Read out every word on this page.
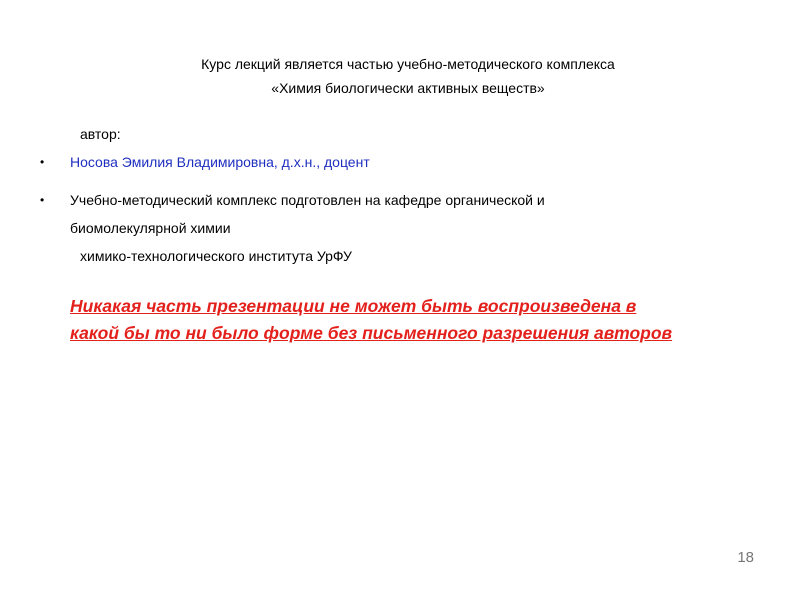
Курс лекций является частью учебно-методического комплекса
«Химия биологически активных веществ»
автор:
• Носова Эмилия Владимировна, д.х.н., доцент
• Учебно-методический комплекс подготовлен на кафедре органической и
биомолекулярной химии
химико-технологического института УрФУ
Никакая часть презентации не может быть воспроизведена в
какой бы то ни было форме без письменного разрешения авторов
18
